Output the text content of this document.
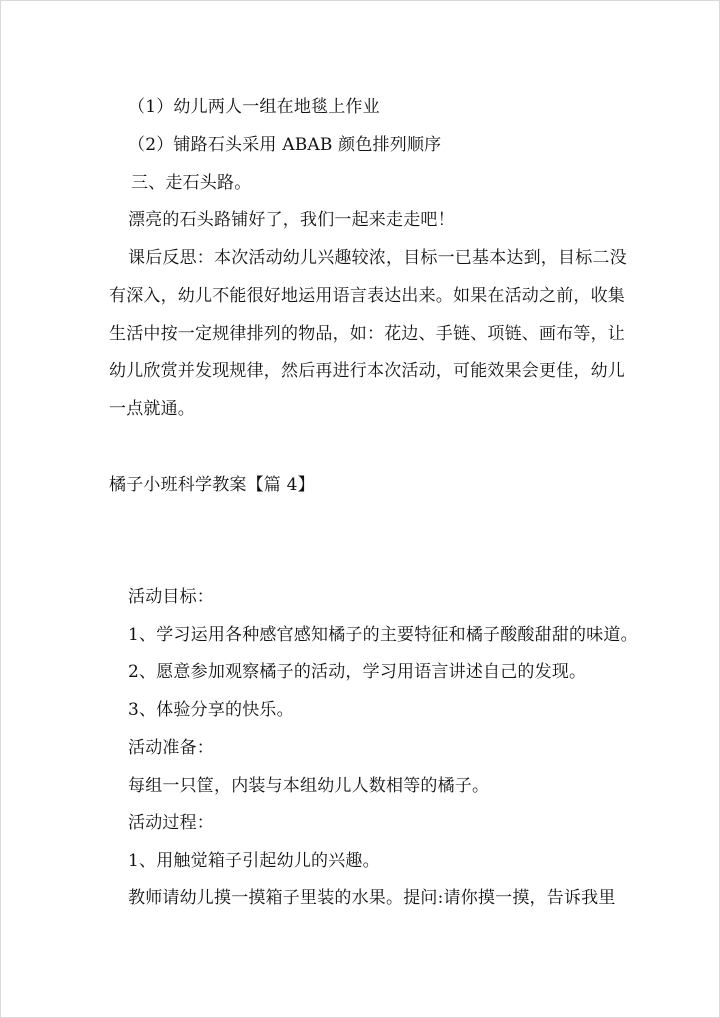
（1）幼儿两人一组在地毯上作业
（2）铺路石头采用 ABAB 颜色排列顺序
三、走石头路。
漂亮的石头路铺好了，我们一起来走走吧！
课后反思：本次活动幼儿兴趣较浓，目标一已基本达到，目标二没
有深入，幼儿不能很好地运用语言表达出来。如果在活动之前，收集
生活中按一定规律排列的物品，如：花边、手链、项链、画布等，让
幼儿欣赏并发现规律，然后再进行本次活动，可能效果会更佳，幼儿
一点就通。
橘子小班科学教案【篇 4】
活动目标：
1、学习运用各种感官感知橘子的主要特征和橘子酸酸甜甜的味道。
2、愿意参加观察橘子的活动，学习用语言讲述自己的发现。
3、体验分享的快乐。
活动准备：
每组一只筐，内装与本组幼儿人数相等的橘子。
活动过程：
1、用触觉箱子引起幼儿的兴趣。
教师请幼儿摸一摸箱子里装的水果。提问:请你摸一摸，告诉我里
